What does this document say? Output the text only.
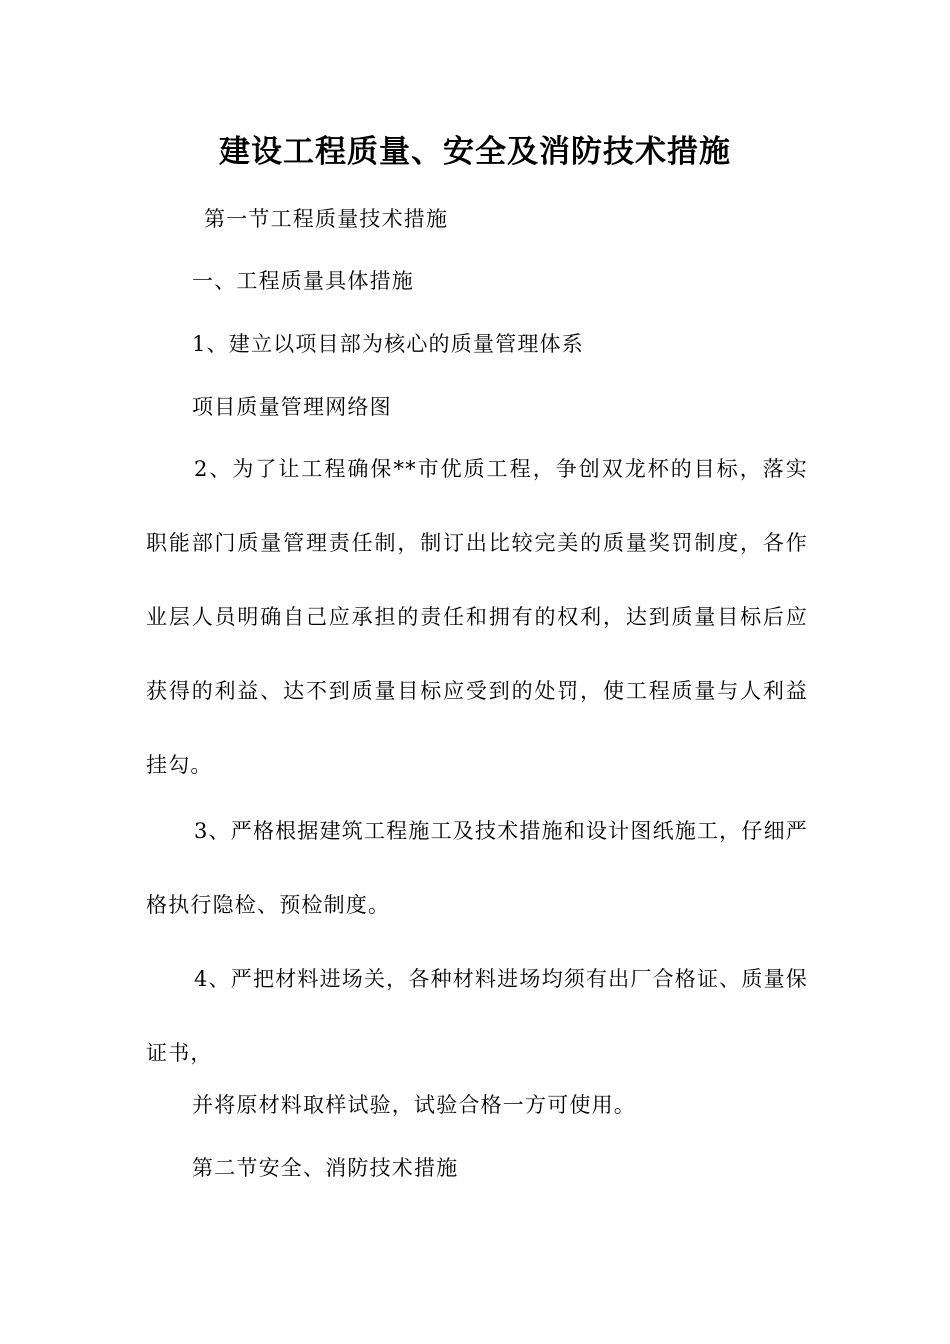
建设工程质量、安全及消防技术措施
第一节工程质量技术措施
一、工程质量具体措施
1、建立以项目部为核心的质量管理体系
项目质量管理网络图
2、为了让工程确保**市优质工程，争创双龙杯的目标，落实职能部门质量管理责任制，制订出比较完美的质量奖罚制度，各作业层人员明确自己应承担的责任和拥有的权利，达到质量目标后应获得的利益、达不到质量目标应受到的处罚，使工程质量与人利益挂勾。
3、严格根据建筑工程施工及技术措施和设计图纸施工，仔细严格执行隐检、预检制度。
4、严把材料进场关，各种材料进场均须有出厂合格证、质量保证书，
并将原材料取样试验，试验合格一方可使用。
第二节安全、消防技术措施
